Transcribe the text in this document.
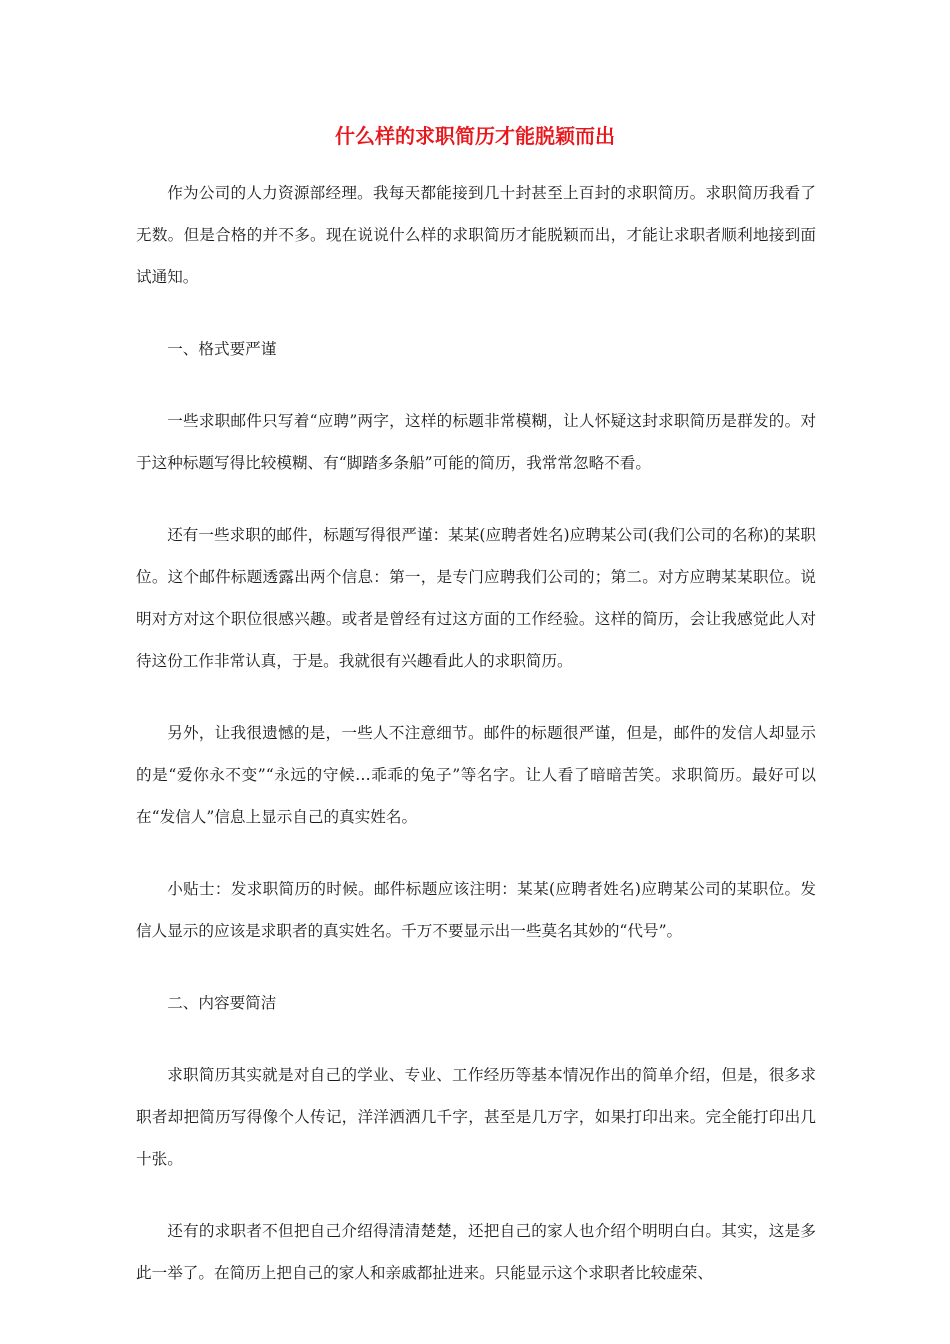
什么样的求职简历才能脱颖而出

作为公司的人力资源部经理。我每天都能接到几十封甚至上百封的求职简历。求职简历我看了无数。但是合格的并不多。现在说说什么样的求职简历才能脱颖而出，才能让求职者顺利地接到面试通知。

一、格式要严谨

一些求职邮件只写着“应聘”两字，这样的标题非常模糊，让人怀疑这封求职简历是群发的。对于这种标题写得比较模糊、有“脚踏多条船”可能的简历，我常常忽略不看。

还有一些求职的邮件，标题写得很严谨：某某(应聘者姓名)应聘某公司(我们公司的名称)的某职位。这个邮件标题透露出两个信息：第一，是专门应聘我们公司的；第二。对方应聘某某职位。说明对方对这个职位很感兴趣。或者是曾经有过这方面的工作经验。这样的简历，会让我感觉此人对待这份工作非常认真，于是。我就很有兴趣看此人的求职简历。

另外，让我很遗憾的是，一些人不注意细节。邮件的标题很严谨，但是，邮件的发信人却显示的是“爱你永不变”“永远的守候…乖乖的兔子”等名字。让人看了暗暗苦笑。求职简历。最好可以在“发信人”信息上显示自己的真实姓名。

小贴士：发求职简历的时候。邮件标题应该注明：某某(应聘者姓名)应聘某公司的某职位。发信人显示的应该是求职者的真实姓名。千万不要显示出一些莫名其妙的“代号”。

二、内容要简洁

求职简历其实就是对自己的学业、专业、工作经历等基本情况作出的简单介绍，但是，很多求职者却把简历写得像个人传记，洋洋洒洒几千字，甚至是几万字，如果打印出来。完全能打印出几十张。

还有的求职者不但把自己介绍得清清楚楚，还把自己的家人也介绍个明明白白。其实，这是多此一举了。在简历上把自己的家人和亲戚都扯进来。只能显示这个求职者比较虚荣、
